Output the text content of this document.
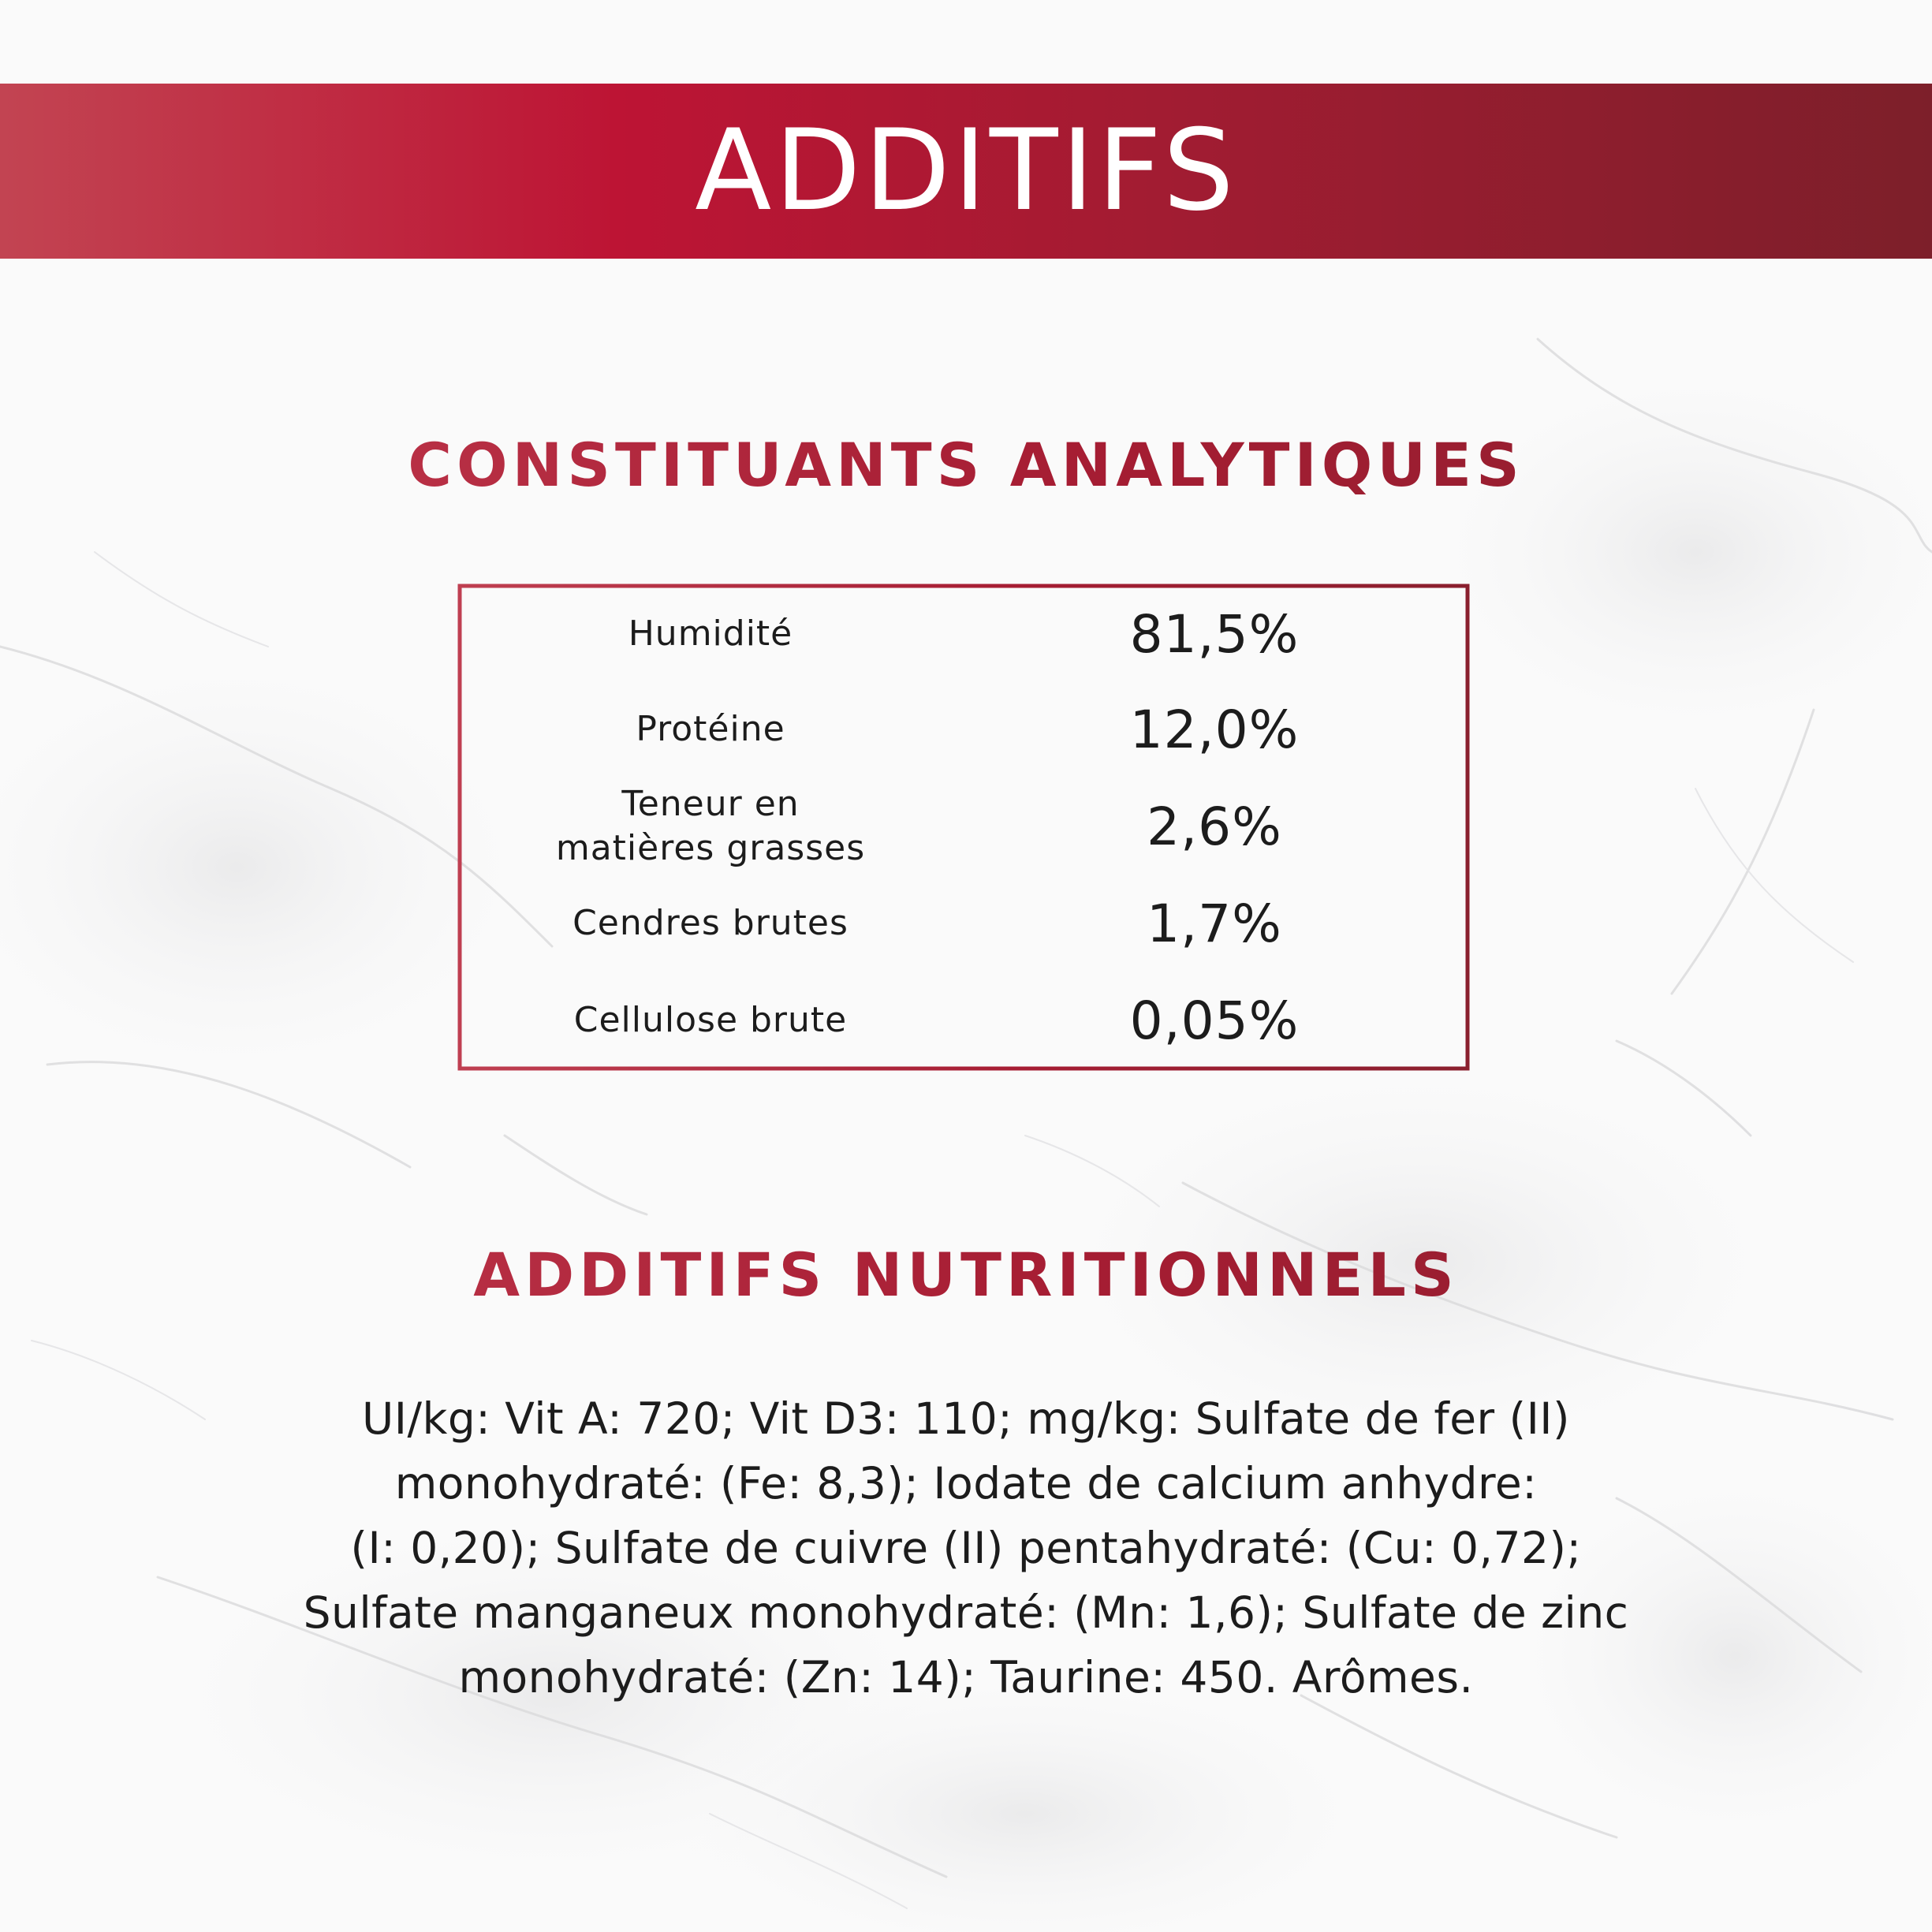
ADDITIFS
CONSTITUANTS ANALYTIQUES
Humidité	81,5%
Protéine	12,0%
Teneur en
matières grasses	2,6%
Cendres brutes	1,7%
Cellulose brute	0,05%
ADDITIFS NUTRITIONNELS
UI/kg: Vit A: 720; Vit D3: 110; mg/kg: Sulfate de fer (II)
monohydraté: (Fe: 8,3); Iodate de calcium anhydre:
(I: 0,20); Sulfate de cuivre (II) pentahydraté: (Cu: 0,72);
Sulfate manganeux monohydraté: (Mn: 1,6); Sulfate de zinc
monohydraté: (Zn: 14); Taurine: 450. Arômes.
